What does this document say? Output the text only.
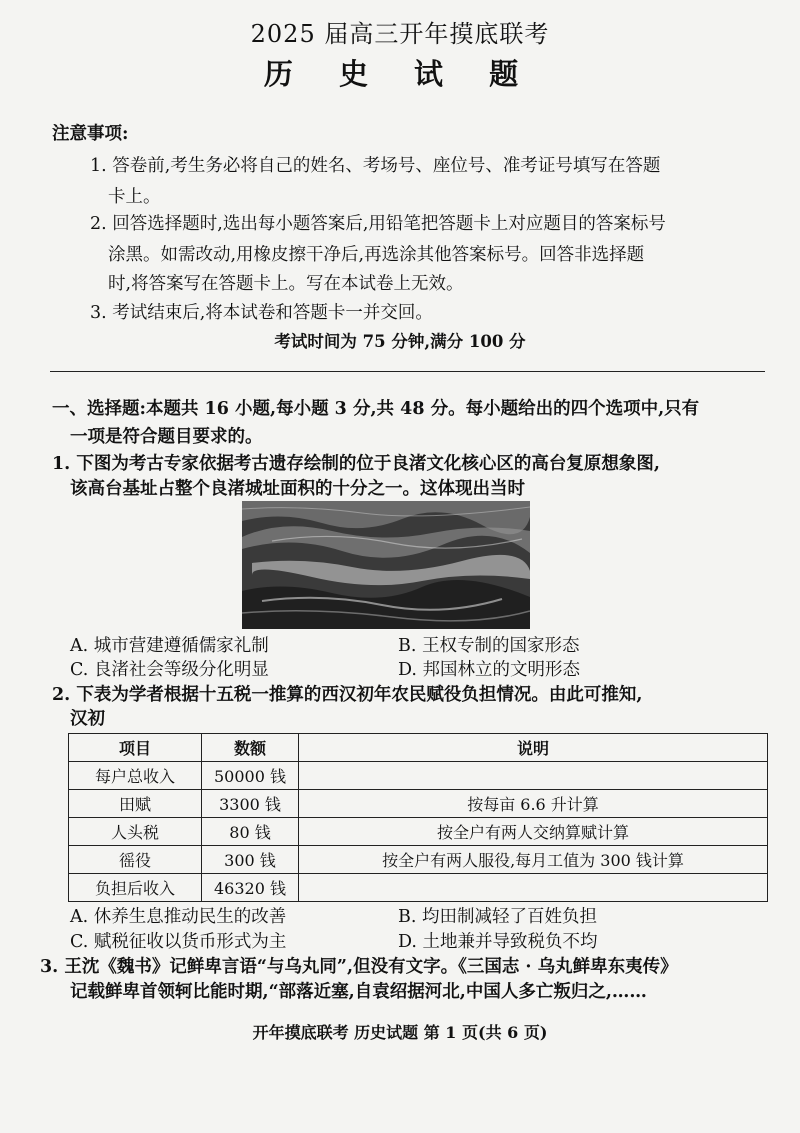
2025 届高三开年摸底联考
历 史 试 题
注意事项:
1. 答卷前,考生务必将自己的姓名、考场号、座位号、准考证号填写在答题
卡上。
2. 回答选择题时,选出每小题答案后,用铅笔把答题卡上对应题目的答案标号
涂黑。如需改动,用橡皮擦干净后,再选涂其他答案标号。回答非选择题
时,将答案写在答题卡上。写在本试卷上无效。
3. 考试结束后,将本试卷和答题卡一并交回。
考试时间为 75 分钟,满分 100 分
一、选择题:本题共 16 小题,每小题 3 分,共 48 分。每小题给出的四个选项中,只有
一项是符合题目要求的。
1. 下图为考古专家依据考古遗存绘制的位于良渚文化核心区的高台复原想象图,
该高台基址占整个良渚城址面积的十分之一。这体现出当时
A. 城市营建遵循儒家礼制	B. 王权专制的国家形态
C. 良渚社会等级分化明显	D. 邦国林立的文明形态
2. 下表为学者根据十五税一推算的西汉初年农民赋役负担情况。由此可推知,
汉初
项目	数额	说明
每户总收入	50000 钱	
田赋	3300 钱	按每亩 6.6 升计算
人头税	80 钱	按全户有两人交纳算赋计算
徭役	300 钱	按全户有两人服役,每月工值为 300 钱计算
负担后收入	46320 钱	
A. 休养生息推动民生的改善	B. 均田制减轻了百姓负担
C. 赋税征收以货币形式为主	D. 土地兼并导致税负不均
3. 王沈《魏书》记鲜卑言语“与乌丸同”,但没有文字。《三国志 · 乌丸鲜卑东夷传》
记载鲜卑首领轲比能时期,“部落近塞,自袁绍据河北,中国人多亡叛归之,……
开年摸底联考 历史试题 第 1 页(共 6 页)
